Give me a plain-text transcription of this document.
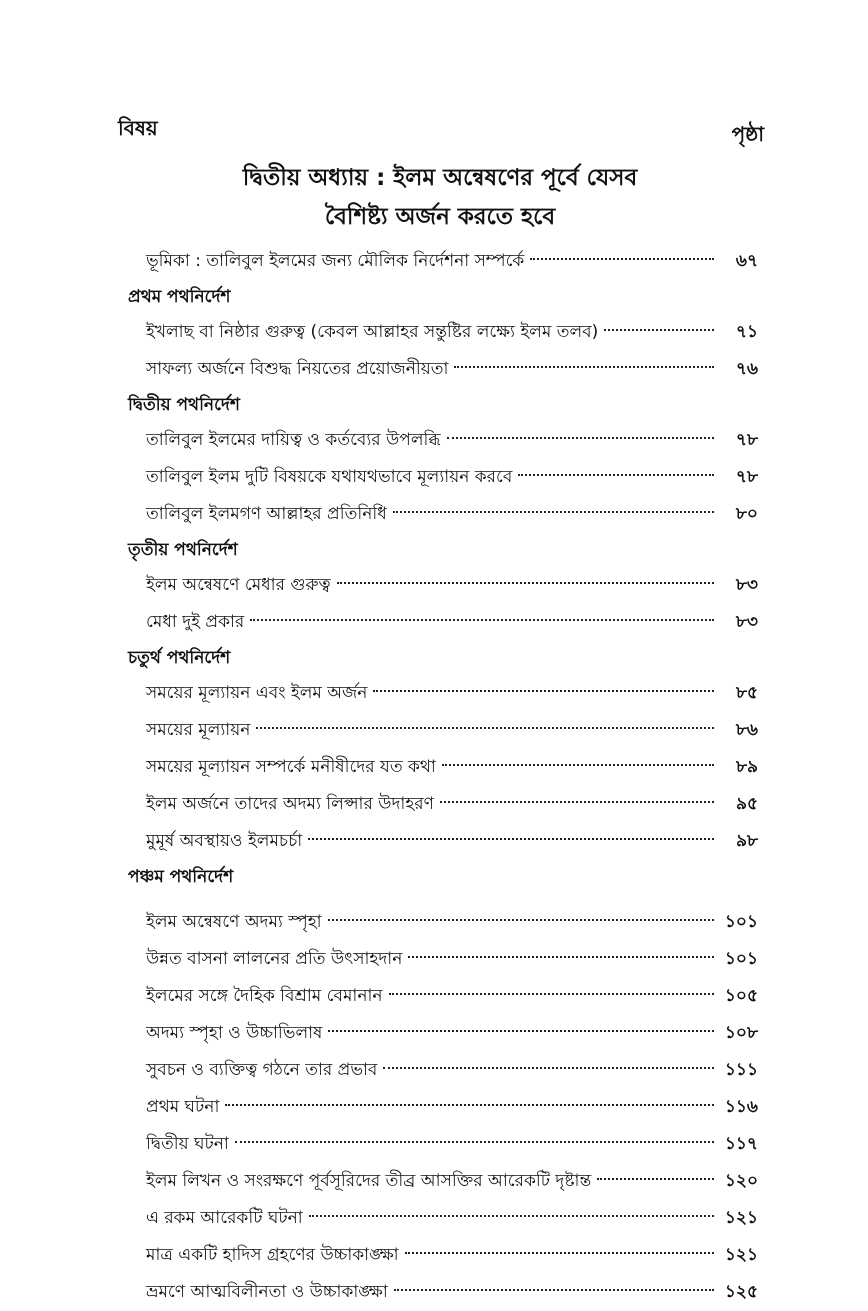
বিষয়	পৃষ্ঠা
দ্বিতীয় অধ্যায় : ইলম অন্বেষণের পূর্বে যেসব
বৈশিষ্ট্য অর্জন করতে হবে
ভূমিকা : তালিবুল ইলমের জন্য মৌলিক নির্দেশনা সম্পর্কে	৬৭
প্রথম পথনির্দেশ
ইখলাছ বা নিষ্ঠার গুরুত্ব (কেবল আল্লাহর সন্তুষ্টির লক্ষ্যে ইলম তলব)	৭১
সাফল্য অর্জনে বিশুদ্ধ নিয়তের প্রয়োজনীয়তা	৭৬
দ্বিতীয় পথনির্দেশ
তালিবুল ইলমের দায়িত্ব ও কর্তব্যের উপলব্ধি	৭৮
তালিবুল ইলম দুটি বিষয়কে যথাযথভাবে মূল্যায়ন করবে	৭৮
তালিবুল ইলমগণ আল্লাহর প্রতিনিধি	৮০
তৃতীয় পথনির্দেশ
ইলম অন্বেষণে মেধার গুরুত্ব	৮৩
মেধা দুই প্রকার	৮৩
চতুর্থ পথনির্দেশ
সময়ের মূল্যায়ন এবং ইলম অর্জন	৮৫
সময়ের মূল্যায়ন	৮৬
সময়ের মূল্যায়ন সম্পর্কে মনীষীদের যত কথা	৮৯
ইলম অর্জনে তাদের অদম্য লিপ্সার উদাহরণ	৯৫
মুমূর্ষ অবস্থায়ও ইলমচর্চা	৯৮
পঞ্চম পথনির্দেশ
ইলম অন্বেষণে অদম্য স্পৃহা	১০১
উন্নত বাসনা লালনের প্রতি উৎসাহদান	১০১
ইলমের সঙ্গে দৈহিক বিশ্রাম বেমানান	১০৫
অদম্য স্পৃহা ও উচ্চাভিলাষ	১০৮
সুবচন ও ব্যক্তিত্ব গঠনে তার প্রভাব	১১১
প্রথম ঘটনা	১১৬
দ্বিতীয় ঘটনা	১১৭
ইলম লিখন ও সংরক্ষণে পূর্বসূরিদের তীব্র আসক্তির আরেকটি দৃষ্টান্ত	১২০
এ রকম আরেকটি ঘটনা	১২১
মাত্র একটি হাদিস গ্রহণের উচ্চাকাঙ্ক্ষা	১২১
ভ্রমণে আত্মবিলীনতা ও উচ্চাকাঙ্ক্ষা	১২৫
